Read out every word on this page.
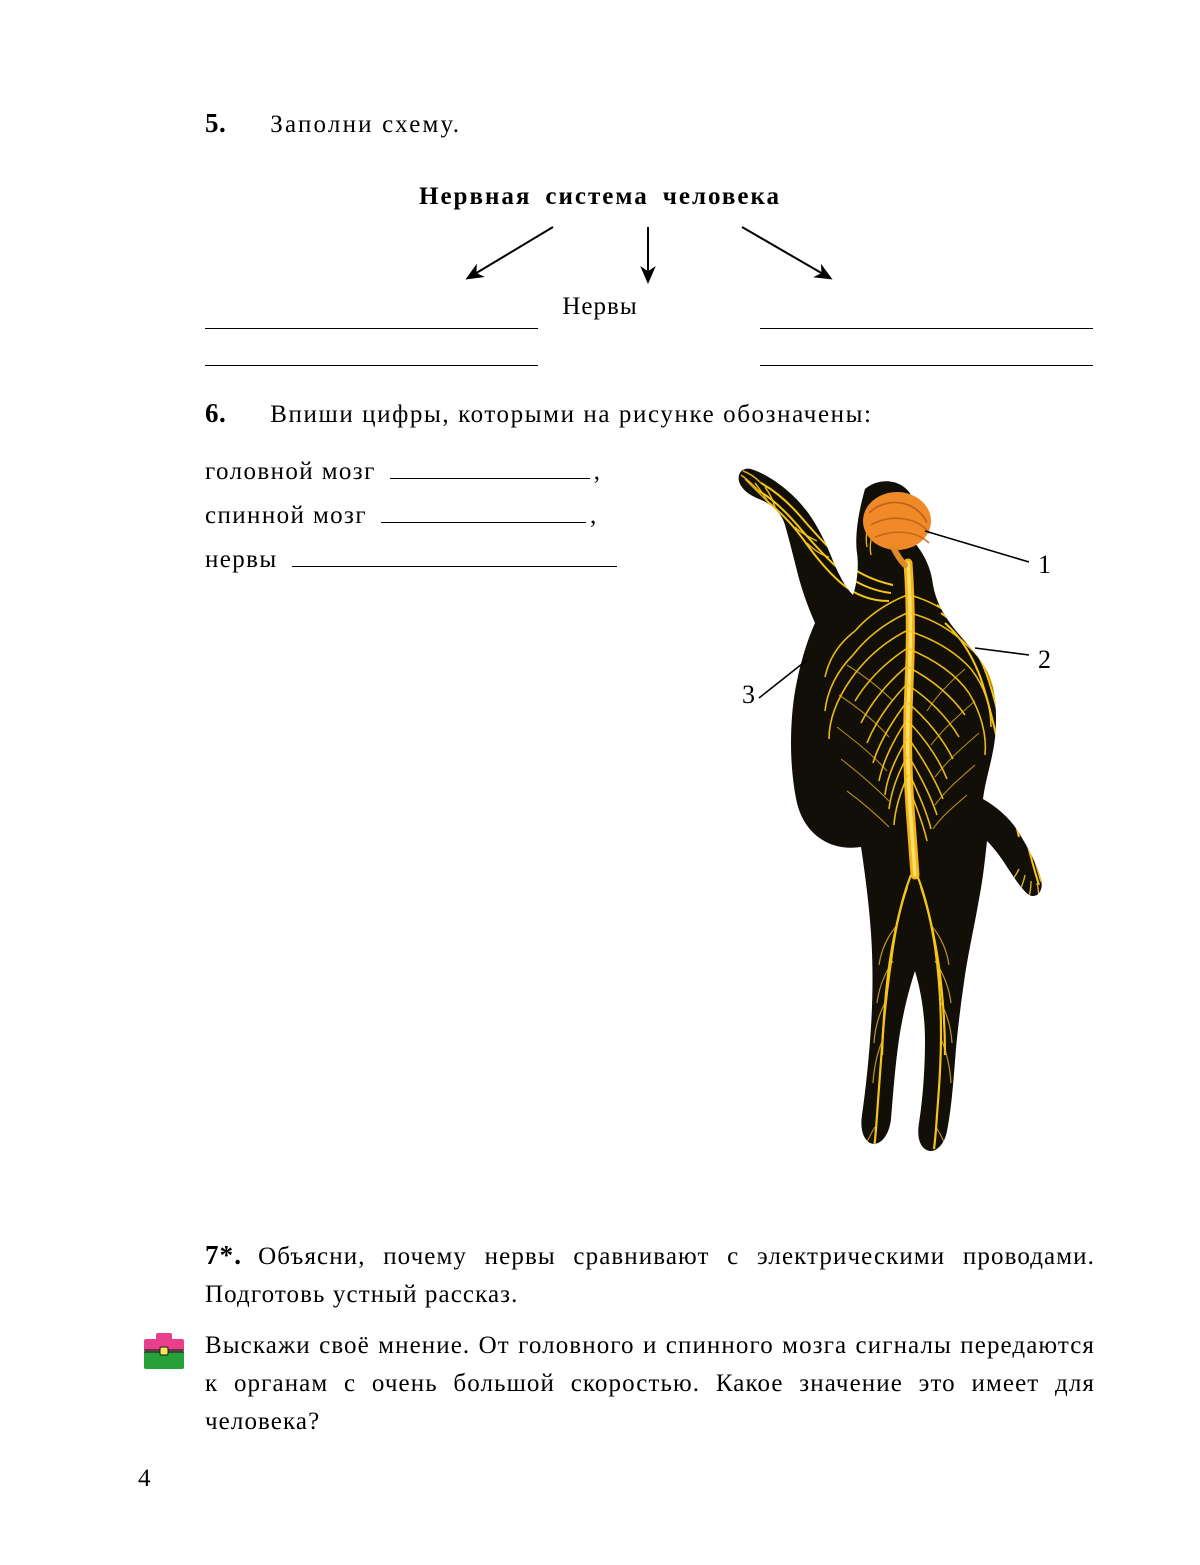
5. Заполни схему.
Нервная система человека
Нервы
6. Впиши цифры, которыми на рисунке обозначены:
головной мозг	,
спинной мозг	,
нервы	1
2
3
7*. Объясни, почему нервы сравнивают с электрическими проводами. Подготовь устный рассказ.
Выскажи своё мнение. От головного и спинного мозга сигналы передаются к органам с очень большой скоростью. Какое значение это имеет для человека?
4
